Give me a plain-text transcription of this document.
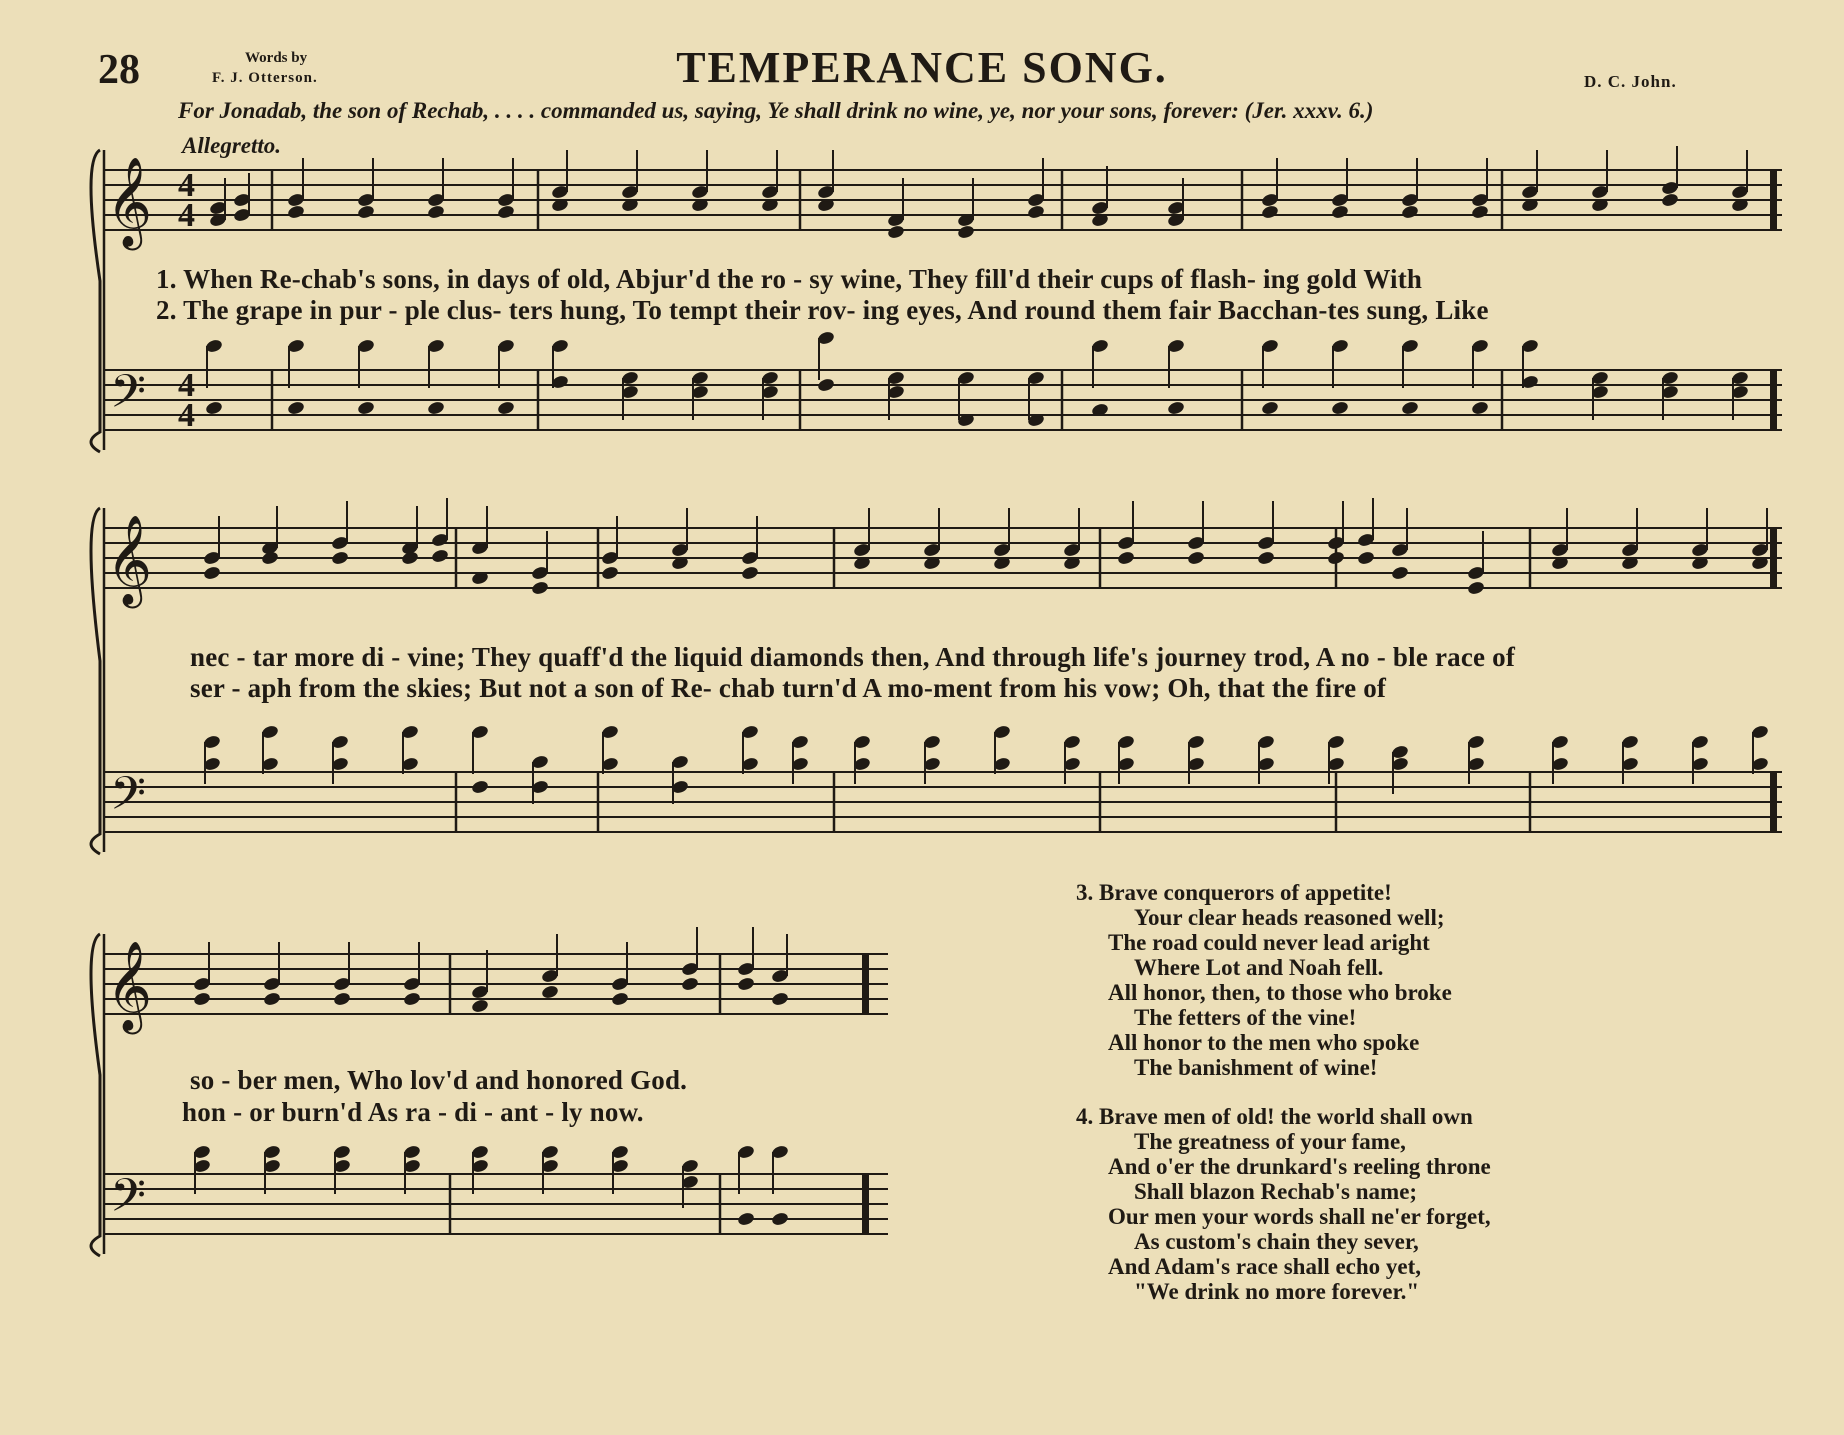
28	Words by
F. J. Otterson.	TEMPERANCE SONG.	D. C. John.
For Jonadab, the son of Rechab, . . . . commanded us, saying, Ye shall drink no wine, ye, nor your sons, forever: (Jer. xxxv. 6.)
Allegretto.
𝄞
𝄢
𝄞
𝄢
𝄞
𝄢
4
4
4
4
1. When Re-chab's sons, in days of old, Abjur'd the ro - sy wine, They fill'd their cups of flash- ing gold With
2. The grape in pur - ple clus- ters hung, To tempt their rov- ing eyes, And round them fair Bacchan-tes sung, Like
nec - tar more di - vine; They quaff'd the liquid diamonds then, And through life's journey trod, A no - ble race of
ser - aph from the skies; But not a son of Re- chab turn'd A mo-ment from his vow; Oh, that the fire of
so - ber men, Who lov'd and honored God.
hon - or burn'd As ra - di - ant - ly now.
3. Brave conquerors of appetite!
Your clear heads reasoned well;
The road could never lead aright
Where Lot and Noah fell.
All honor, then, to those who broke
The fetters of the vine!
All honor to the men who spoke
The banishment of wine!
4. Brave men of old! the world shall own
The greatness of your fame,
And o'er the drunkard's reeling throne
Shall blazon Rechab's name;
Our men your words shall ne'er forget,
As custom's chain they sever,
And Adam's race shall echo yet,
"We drink no more forever."
